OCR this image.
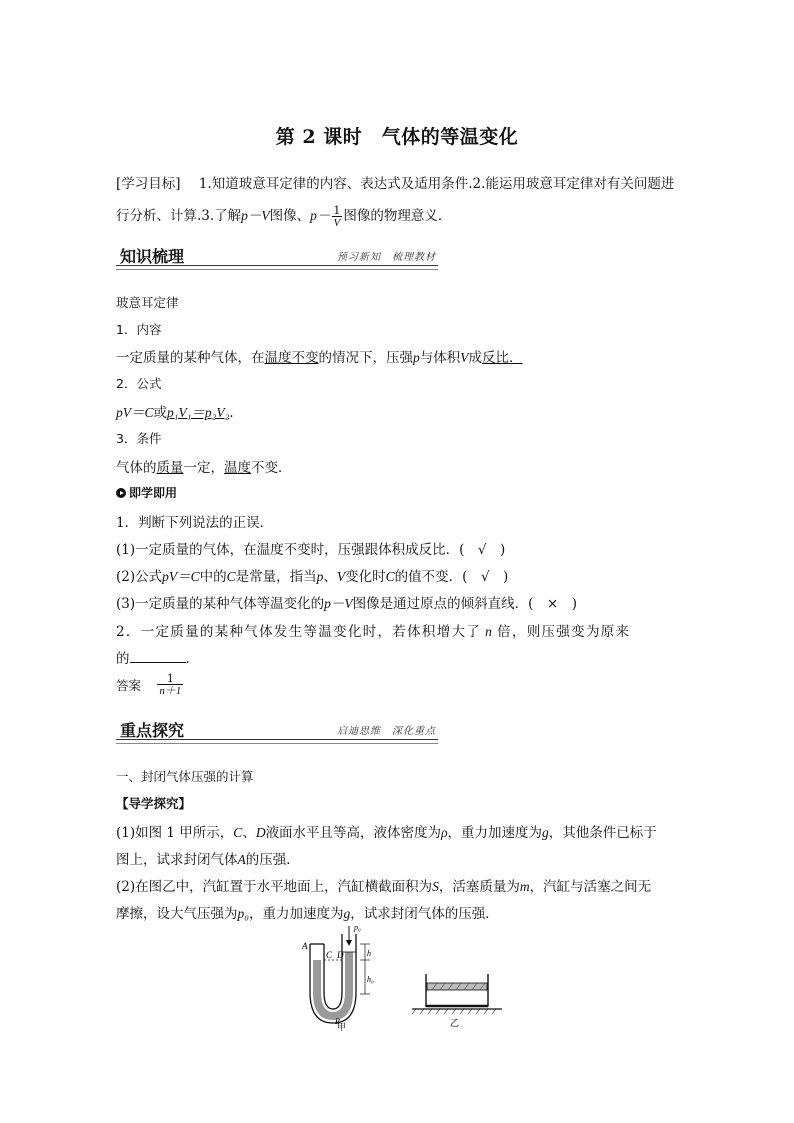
第 2 课时　气体的等温变化
[学习目标] 1.知道玻意耳定律的内容、表达式及适用条件.2.能运用玻意耳定律对有关问题进
行分析、计算.3.了解p－V图像、$p- \frac{1}{V}$ 图像的物理意义．
知识梳理	预习新知　梳理教材
玻意耳定律
1．内容
一定质量的某种气体，在温度不变的情况下，压强p与体积V成反比．
2．公式
pV＝C或p₁V₁＝p₂V₂.
3．条件
气体的质量一定，温度不变．
即学即用
1．判断下列说法的正误．
(1)一定质量的气体，在温度不变时，压强跟体积成反比．(　√　)
(2)公式pV＝C中的C是常量，指当p、V变化时C的值不变．(　√　)
(3)一定质量的某种气体等温变化的p－V图像是通过原点的倾斜直线．(　×　)
2．一定质量的某种气体发生等温变化时，若体积增大了 n 倍，则压强变为原来
的	．
答案 $\frac{1}{n+1}$
重点探究	启迪思维　深化重点
一、封闭气体压强的计算
【导学探究】
(1)如图 1 甲所示，C、D液面水平且等高，液体密度为ρ，重力加速度为g，其他条件已标于
图上，试求封闭气体A的压强．
(2)在图乙中，汽缸置于水平地面上，汽缸横截面积为S，活塞质量为m，汽缸与活塞之间无
摩擦，设大气压强为p₀，重力加速度为g，试求封闭气体的压强．
A
C D
p₀
h
h₀
B
甲	乙
